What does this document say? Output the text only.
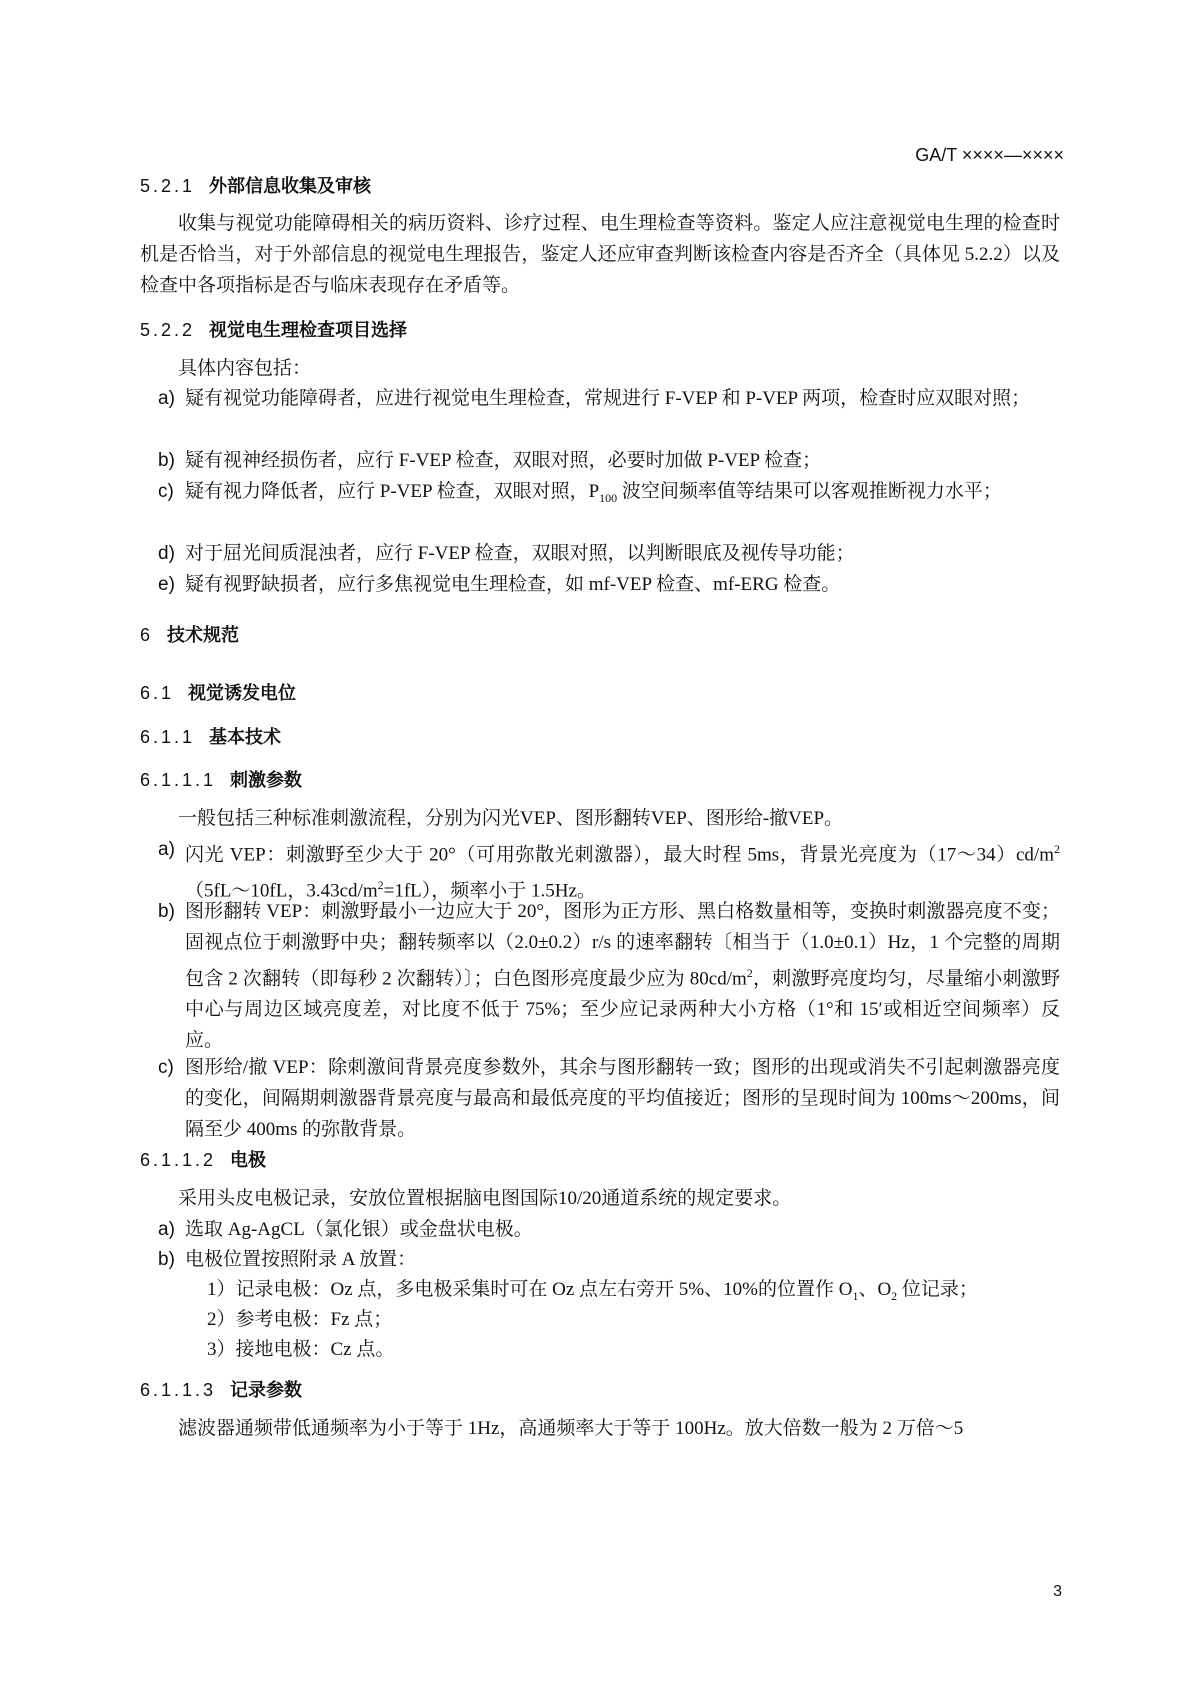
GA/T ××××—××××
5.2.1 外部信息收集及审核
收集与视觉功能障碍相关的病历资料、诊疗过程、电生理检查等资料。鉴定人应注意视觉电生理的检查时机是否恰当，对于外部信息的视觉电生理报告，鉴定人还应审查判断该检查内容是否齐全（具体见 5.2.2）以及检查中各项指标是否与临床表现存在矛盾等。
5.2.2 视觉电生理检查项目选择
具体内容包括：
a) 疑有视觉功能障碍者，应进行视觉电生理检查，常规进行 F-VEP 和 P-VEP 两项，检查时应双眼对照；
b) 疑有视神经损伤者，应行 F-VEP 检查，双眼对照，必要时加做 P-VEP 检查；
c) 疑有视力降低者，应行 P-VEP 检查，双眼对照，$P_{100}$ 波空间频率值等结果可以客观推断视力水平；
d) 对于屈光间质混浊者，应行 F-VEP 检查，双眼对照，以判断眼底及视传导功能；
e) 疑有视野缺损者，应行多焦视觉电生理检查，如 mf-VEP 检查、mf-ERG 检查。
6 技术规范
6.1 视觉诱发电位
6.1.1 基本技术
6.1.1.1 刺激参数
一般包括三种标准刺激流程，分别为闪光VEP、图形翻转VEP、图形给-撤VEP。
a) 闪光 VEP：刺激野至少大于 20°（可用弥散光刺激器），最大时程 5ms，背景光亮度为$(17\sim 34)cd/m^2(5fL\sim 10fL$，$3.43cd/m^2=1fL$），频率小于 1.5Hz。
b) 图形翻转 VEP：刺激野最小一边应大于 20°，图形为正方形、黑白格数量相等，变换时刺激器亮度不变；固视点位于刺激野中央；翻转频率以（2.0±0.2）r/s 的速率翻转〔相当于（1.0±0.1）Hz，1 个完整的周期包含 2 次翻转（即每秒 2 次翻转）〕；白色图形亮度最少应为 $80cd/m^2$，刺激野亮度均匀，尽量缩小刺激野中心与周边区域亮度差，对比度不低于 75%；至少应记录两种大小方格（1°和 15′或相近空间频率）反应。
c) 图形给/撤 VEP：除刺激间背景亮度参数外，其余与图形翻转一致；图形的出现或消失不引起刺激器亮度的变化，间隔期刺激器背景亮度与最高和最低亮度的平均值接近；图形的呈现时间为 100ms～200ms，间隔至少 400ms 的弥散背景。
6.1.1.2 电极
采用头皮电极记录，安放位置根据脑电图国际10/20通道系统的规定要求。
a) 选取 Ag-AgCL（氯化银）或金盘状电极。
b) 电极位置按照附录 A 放置：
1）记录电极：Oz 点，多电极采集时可在 Oz 点左右旁开 5%、10%的位置作 $O_1$、$O_2$ 位记录；
2）参考电极：Fz 点；
3）接地电极：Cz 点。
6.1.1.3 记录参数
滤波器通频带低通频率为小于等于 1Hz，高通频率大于等于 100Hz。放大倍数一般为 2 万倍～5
3
